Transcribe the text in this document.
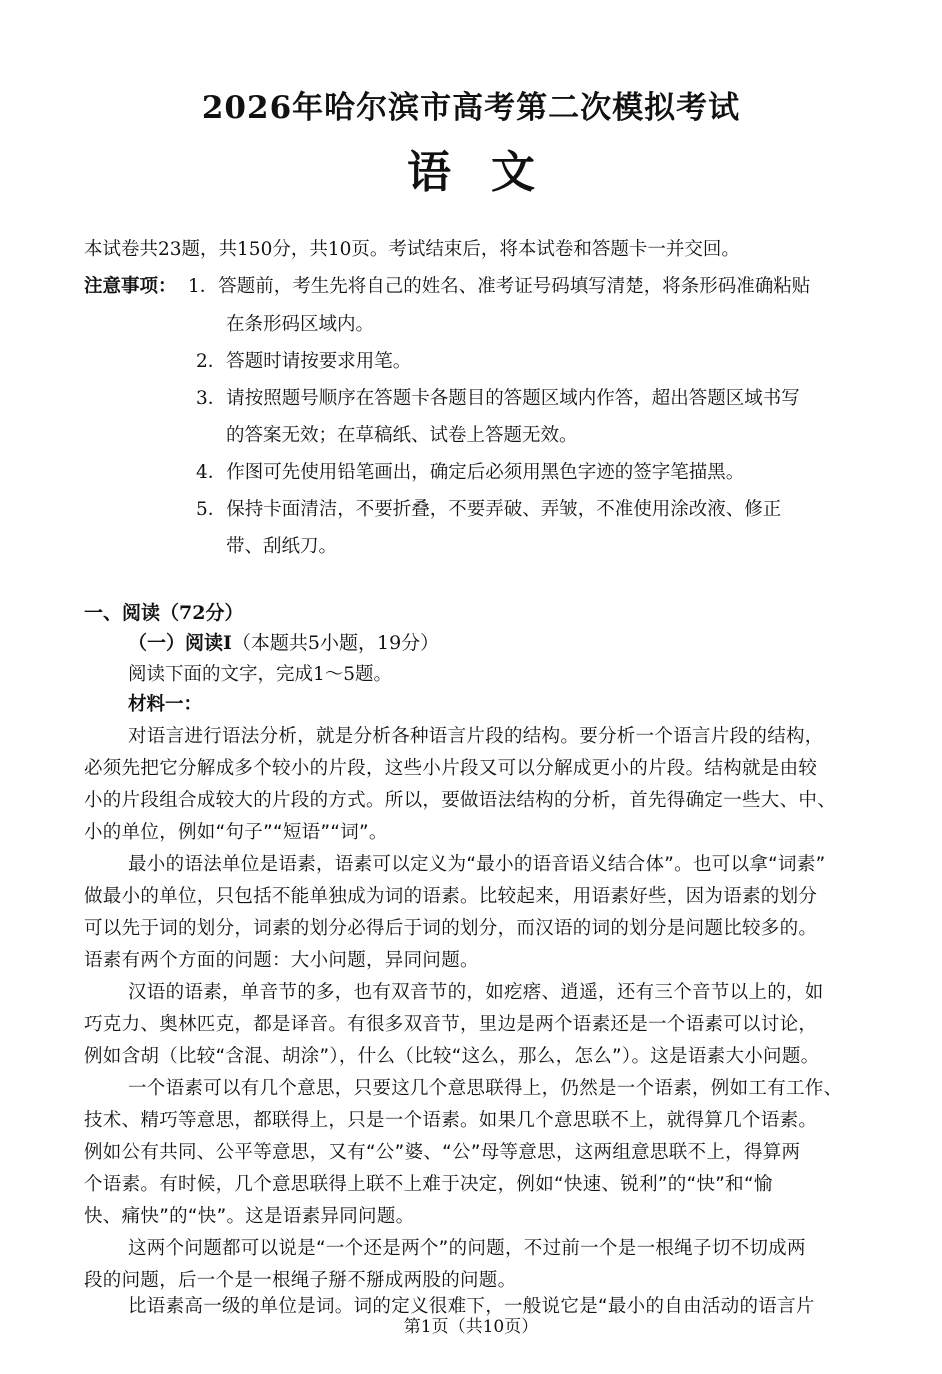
2026年哈尔滨市高考第二次模拟考试
语文
本试卷共23题，共150分，共10页。考试结束后，将本试卷和答题卡一并交回。
注意事项： 1．答题前，考生先将自己的姓名、准考证号码填写清楚，将条形码准确粘贴
在条形码区域内。
2．答题时请按要求用笔。
3．请按照题号顺序在答题卡各题目的答题区域内作答，超出答题区域书写
的答案无效；在草稿纸、试卷上答题无效。
4．作图可先使用铅笔画出，确定后必须用黑色字迹的签字笔描黑。
5．保持卡面清洁，不要折叠，不要弄破、弄皱，不准使用涂改液、修正
带、刮纸刀。
一、阅读（72分）
（一）阅读I（本题共5小题，19分）
阅读下面的文字，完成1～5题。
材料一：
对语言进行语法分析，就是分析各种语言片段的结构。要分析一个语言片段的结构，
必须先把它分解成多个较小的片段，这些小片段又可以分解成更小的片段。结构就是由较
小的片段组合成较大的片段的方式。所以，要做语法结构的分析，首先得确定一些大、中、
小的单位，例如“句子”“短语”“词”。
最小的语法单位是语素，语素可以定义为“最小的语音语义结合体”。也可以拿“词素”
做最小的单位，只包括不能单独成为词的语素。比较起来，用语素好些，因为语素的划分
可以先于词的划分，词素的划分必得后于词的划分，而汉语的词的划分是问题比较多的。
语素有两个方面的问题：大小问题，异同问题。
汉语的语素，单音节的多，也有双音节的，如疙瘩、逍遥，还有三个音节以上的，如
巧克力、奥林匹克，都是译音。有很多双音节，里边是两个语素还是一个语素可以讨论，
例如含胡（比较“含混、胡涂”），什么（比较“这么，那么，怎么”）。这是语素大小问题。
一个语素可以有几个意思，只要这几个意思联得上，仍然是一个语素，例如工有工作、
技术、精巧等意思，都联得上，只是一个语素。如果几个意思联不上，就得算几个语素。
例如公有共同、公平等意思，又有“公”婆、“公”母等意思，这两组意思联不上，得算两
个语素。有时候，几个意思联得上联不上难于决定，例如“快速、锐利”的“快”和“愉
快、痛快”的“快”。这是语素异同问题。
这两个问题都可以说是“一个还是两个”的问题，不过前一个是一根绳子切不切成两
段的问题，后一个是一根绳子掰不掰成两股的问题。
比语素高一级的单位是词。词的定义很难下，一般说它是“最小的自由活动的语言片
第1页（共10页）
